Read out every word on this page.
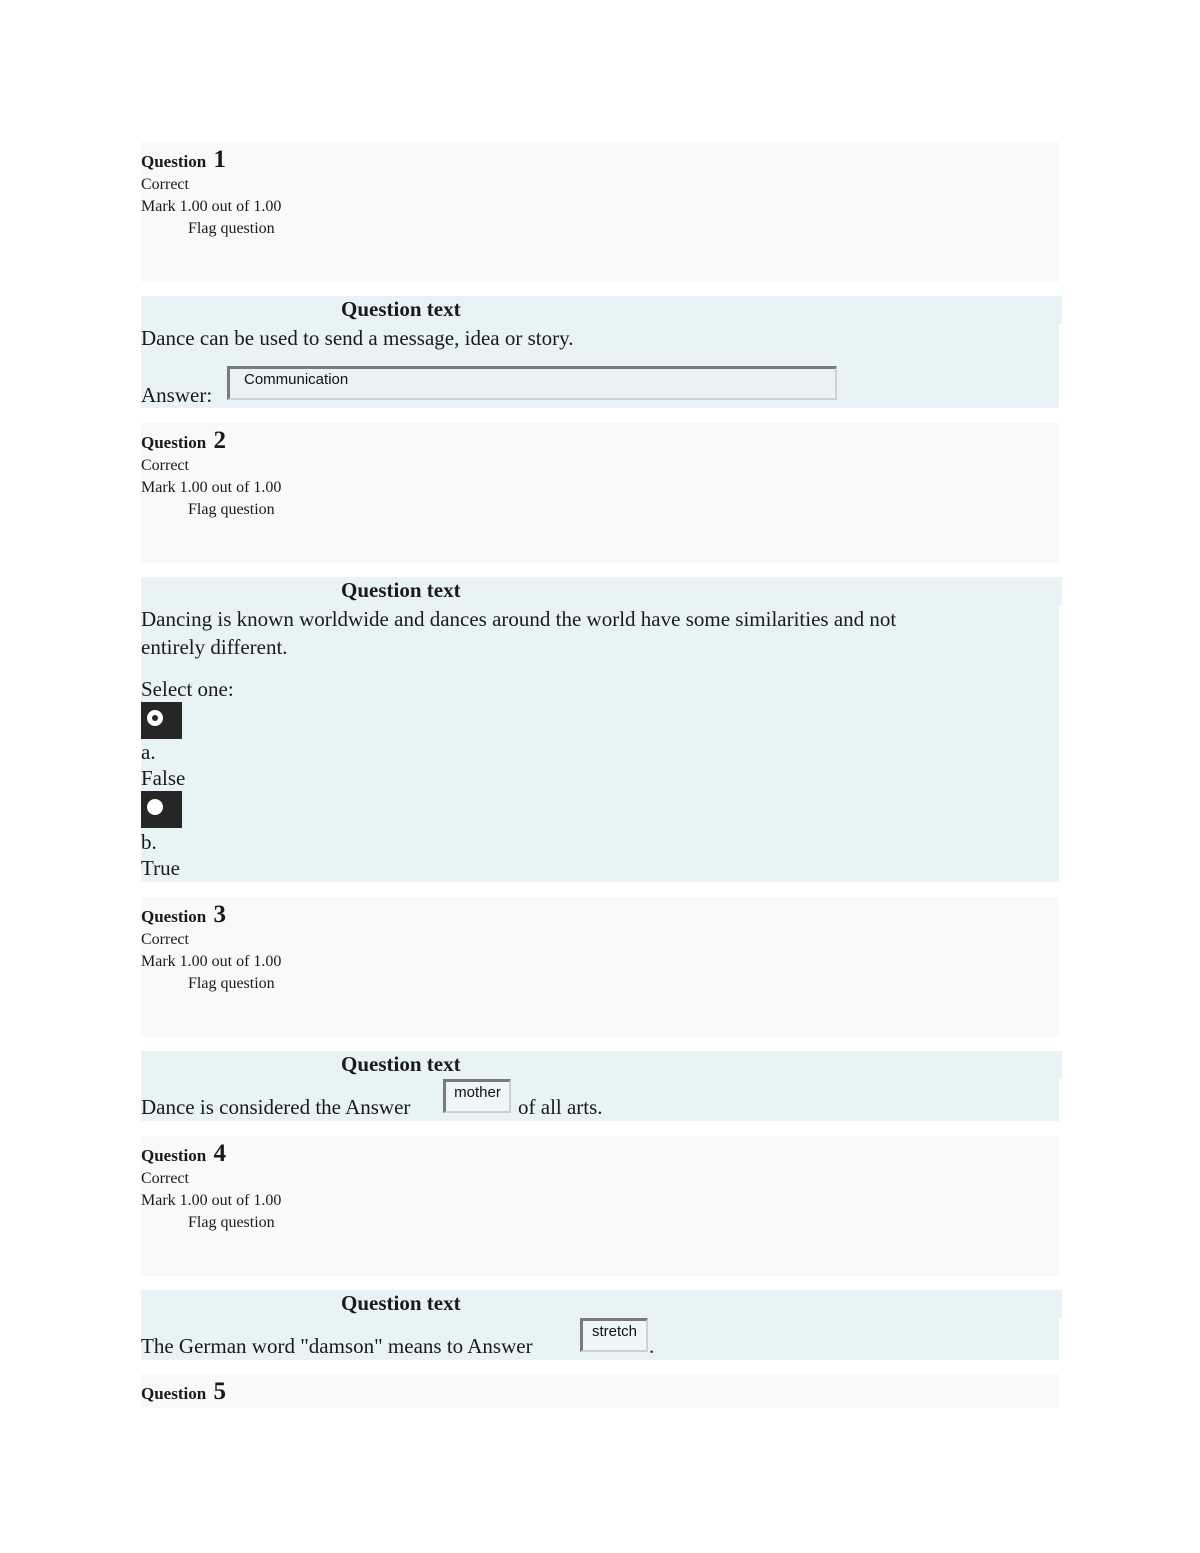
Question 1
Correct
Mark 1.00 out of 1.00
Flag question
Question text
Dance can be used to send a message, idea or story.
Answer:
Communication
Question 2
Correct
Mark 1.00 out of 1.00
Flag question
Question text
Dancing is known worldwide and dances around the world have some similarities and not
entirely different.
Select one:
a.
False
b.
True
Question 3
Correct
Mark 1.00 out of 1.00
Flag question
Question text
Dance is considered the Answer
mother
of all arts.
Question 4
Correct
Mark 1.00 out of 1.00
Flag question
Question text
The German word "damson" means to Answer
stretch
.
Question 5
